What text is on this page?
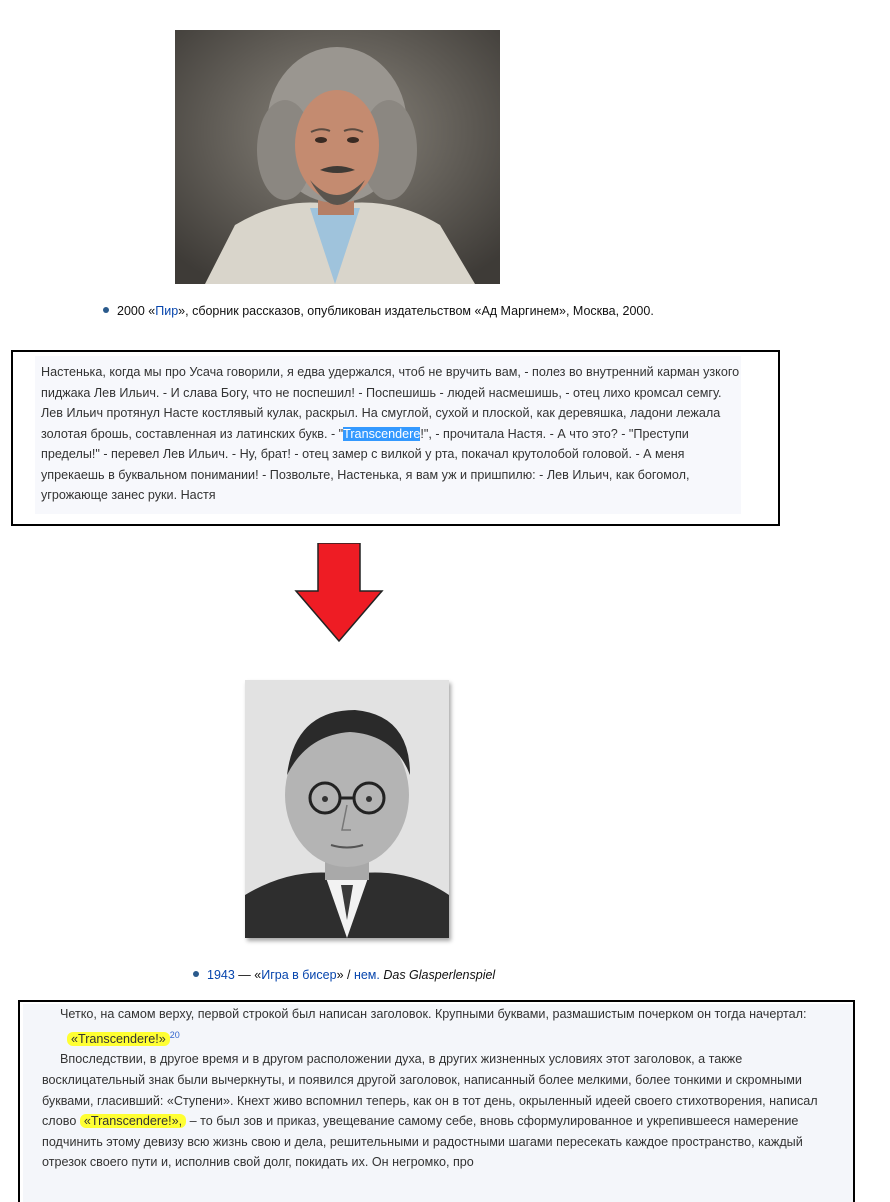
2000 «Пир», сборник рассказов, опубликован издательством «Ад Маргинем», Москва, 2000.

Настенька, когда мы про Усача говорили, я едва удержался, чтоб не вручить вам, - полез во внутренний карман узкого пиджака Лев Ильич. - И слава Богу, что не поспешил! - Поспешишь - людей насмешишь, - отец лихо кромсал семгу. Лев Ильич протянул Насте костлявый кулак, раскрыл. На смуглой, сухой и плоской, как деревяшка, ладони лежала золотая брошь, составленная из латинских букв. - "Transcendere!", - прочитала Настя. - А что это? - "Преступи пределы!" - перевел Лев Ильич. - Ну, брат! - отец замер с вилкой у рта, покачал крутолобой головой. - А меня упрекаешь в буквальном понимании! - Позвольте, Настенька, я вам уж и пришпилю: - Лев Ильич, как богомол, угрожающе занес руки. Настя

1943 — «Игра в бисер» / нем. Das Glasperlenspiel

Четко, на самом верху, первой строкой был написан заголовок. Крупными буквами, размашистым почерком он тогда начертал:

«Transcendere!» $^{20}$

Впоследствии, в другое время и в другом расположении духа, в других жизненных условиях этот заголовок, а также восклицательный знак были вычеркнуты, и появился другой заголовок, написанный более мелкими, более тонкими и скромными буквами, гласивший: «Ступени». Кнехт живо вспомнил теперь, как он в тот день, окрыленный идеей своего стихотворения, написал слово «Transcendere!», – то был зов и приказ, увещевание самому себе, вновь сформулированное и укрепившееся намерение подчинить этому девизу всю жизнь свою и дела, решительными и радостными шагами пересекать каждое пространство, каждый отрезок своего пути и, исполнив свой долг, покидать их. Он негромко, про
